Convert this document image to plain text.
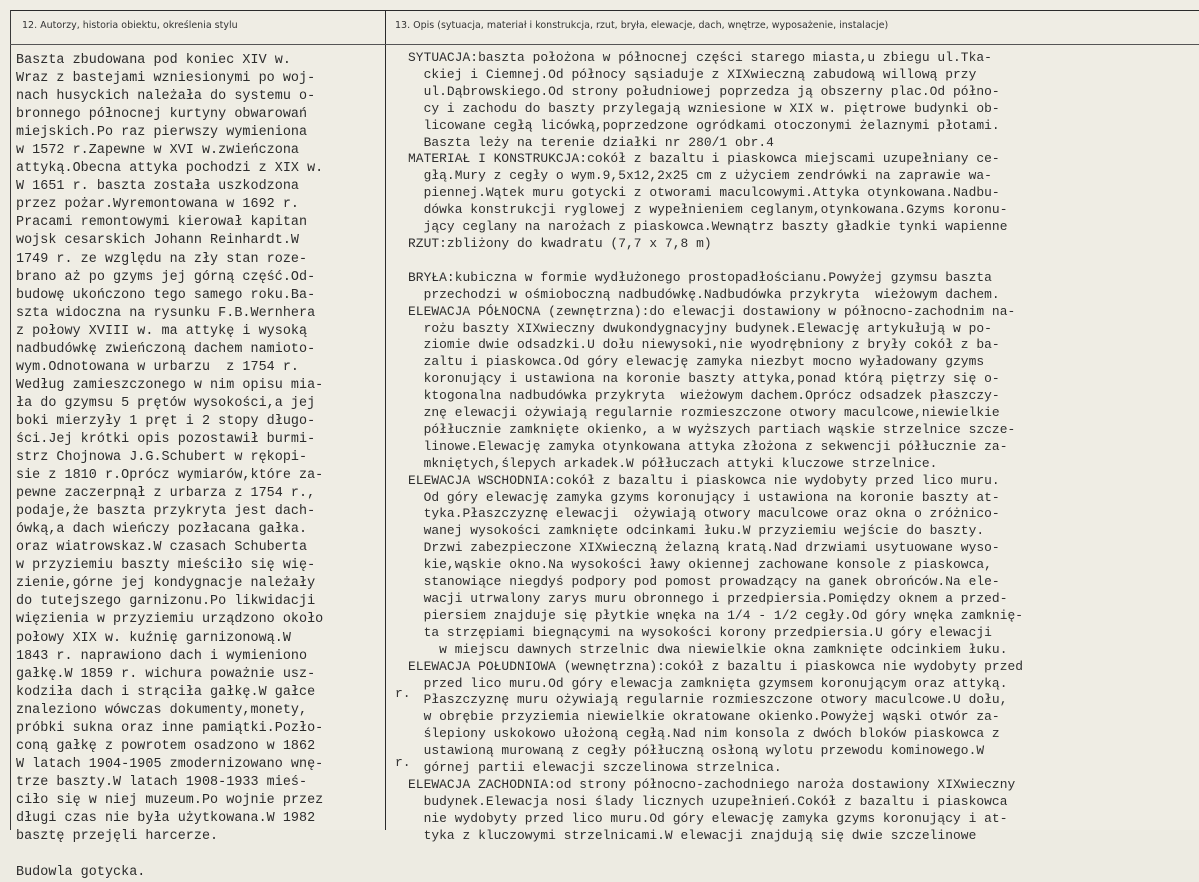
12. Autorzy, historia obiektu, określenia stylu	13. Opis (sytuacja, materiał i konstrukcja, rzut, bryła, elewacje, dach, wnętrze, wyposażenie, instalacje)
Baszta zbudowana pod koniec XIV w.
Wraz z bastejami wzniesionymi po woj-
nach husyckich należała do systemu o-
bronnego północnej kurtyny obwarowań
miejskich.Po raz pierwszy wymieniona
w 1572 r.Zapewne w XVI w.zwieńczona
attyką.Obecna attyka pochodzi z XIX w.
W 1651 r. baszta została uszkodzona
przez pożar.Wyremontowana w 1692 r.
Pracami remontowymi kierował kapitan
wojsk cesarskich Johann Reinhardt.W
1749 r. ze względu na zły stan roze-
brano aż po gzyms jej górną część.Od-
budowę ukończono tego samego roku.Ba-
szta widoczna na rysunku F.B.Wernhera
z połowy XVIII w. ma attykę i wysoką
nadbudówkę zwieńczoną dachem namioto-
wym.Odnotowana w urbarzu  z 1754 r.
Według zamieszczonego w nim opisu mia-
ła do gzymsu 5 prętów wysokości,a jej
boki mierzyły 1 pręt i 2 stopy długo-
ści.Jej krótki opis pozostawił burmi-
strz Chojnowa J.G.Schubert w rękopi-
sie z 1810 r.Oprócz wymiarów,które za-
pewne zaczerpnął z urbarza z 1754 r.,
podaje,że baszta przykryta jest dach-
ówką,a dach wieńczy pozłacana gałka.
oraz wiatrowskaz.W czasach Schuberta
w przyziemiu baszty mieściło się wię-
zienie,górne jej kondygnacje należały
do tutejszego garnizonu.Po likwidacji
więzienia w przyziemiu urządzono około
połowy XIX w. kuźnię garnizonową.W
1843 r. naprawiono dach i wymieniono
gałkę.W 1859 r. wichura poważnie usz-
kodziła dach i strąciła gałkę.W gałce
znaleziono wówczas dokumenty,monety,
próbki sukna oraz inne pamiątki.Pozło-
coną gałkę z powrotem osadzono w 1862
W latach 1904-1905 zmodernizowano wnę-
trze baszty.W latach 1908-1933 mieś-
ciło się w niej muzeum.Po wojnie przez
długi czas nie była użytkowana.W 1982
basztę przejęli harcerze.

Budowla gotycka.
r.
r.
SYTUACJA:baszta położona w północnej części starego miasta,u zbiegu ul.Tka-
ckiej i Ciemnej.Od północy sąsiaduje z XIXwieczną zabudową willową przy
ul.Dąbrowskiego.Od strony południowej poprzedza ją obszerny plac.Od półno-
cy i zachodu do baszty przylegają wzniesione w XIX w. piętrowe budynki ob-
licowane cegłą licówką,poprzedzone ogródkami otoczonymi żelaznymi płotami.
Baszta leży na terenie działki nr 280/1 obr.4
MATERIAŁ I KONSTRUKCJA:cokół z bazaltu i piaskowca miejscami uzupełniany ce-
głą.Mury z cegły o wym.9,5x12,2x25 cm z użyciem zendrówki na zaprawie wa-
piennej.Wątek muru gotycki z otworami maculcowymi.Attyka otynkowana.Nadbu-
dówka konstrukcji ryglowej z wypełnieniem ceglanym,otynkowana.Gzyms koronu-
jący ceglany na narożach z piaskowca.Wewnątrz baszty gładkie tynki wapienne
RZUT:zbliżony do kwadratu (7,7 x 7,8 m)

BRYŁA:kubiczna w formie wydłużonego prostopadłościanu.Powyżej gzymsu baszta
przechodzi w ośmioboczną nadbudówkę.Nadbudówka przykryta  wieżowym dachem.
ELEWACJA PÓŁNOCNA (zewnętrzna):do elewacji dostawiony w północno-zachodnim na-
rożu baszty XIXwieczny dwukondygnacyjny budynek.Elewację artykułują w po-
ziomie dwie odsadzki.U dołu niewysoki,nie wyodrębniony z bryły cokół z ba-
zaltu i piaskowca.Od góry elewację zamyka niezbyt mocno wyładowany gzyms
koronujący i ustawiona na koronie baszty attyka,ponad którą piętrzy się o-
ktogonalna nadbudówka przykryta  wieżowym dachem.Oprócz odsadzek płaszczy-
znę elewacji ożywiają regularnie rozmieszczone otwory maculcowe,niewielkie
półłucznie zamknięte okienko, a w wyższych partiach wąskie strzelnice szcze-
linowe.Elewację zamyka otynkowana attyka złożona z sekwencji półłucznie za-
mkniętych,ślepych arkadek.W półłuczach attyki kluczowe strzelnice.
ELEWACJA WSCHODNIA:cokół z bazaltu i piaskowca nie wydobyty przed lico muru.
Od góry elewację zamyka gzyms koronujący i ustawiona na koronie baszty at-
tyka.Płaszczyznę elewacji  ożywiają otwory maculcowe oraz okna o zróżnico-
wanej wysokości zamknięte odcinkami łuku.W przyziemiu wejście do baszty.
Drzwi zabezpieczone XIXwieczną żelazną kratą.Nad drzwiami usytuowane wyso-
kie,wąskie okno.Na wysokości ławy okiennej zachowane konsole z piaskowca,
stanowiące niegdyś podpory pod pomost prowadzący na ganek obrońców.Na ele-
wacji utrwalony zarys muru obronnego i przedpiersia.Pomiędzy oknem a przed-
piersiem znajduje się płytkie wnęka na 1/4 - 1/2 cegły.Od góry wnęka zamknię-
ta strzępiami biegnącymi na wysokości korony przedpiersia.U góry elewacji
w miejscu dawnych strzelnic dwa niewielkie okna zamknięte odcinkiem łuku.
ELEWACJA POŁUDNIOWA (wewnętrzna):cokół z bazaltu i piaskowca nie wydobyty przed
przed lico muru.Od góry elewacja zamknięta gzymsem koronującym oraz attyką.
Płaszczyznę muru ożywiają regularnie rozmieszczone otwory maculcowe.U dołu,
w obrębie przyziemia niewielkie okratowane okienko.Powyżej wąski otwór za-
ślepiony uskokowo ułożoną cegłą.Nad nim konsola z dwóch bloków piaskowca z
ustawioną murowaną z cegły półłuczną osłoną wylotu przewodu kominowego.W
górnej partii elewacji szczelinowa strzelnica.
ELEWACJA ZACHODNIA:od strony północno-zachodniego naroża dostawiony XIXwieczny
budynek.Elewacja nosi ślady licznych uzupełnień.Cokół z bazaltu i piaskowca
nie wydobyty przed lico muru.Od góry elewację zamyka gzyms koronujący i at-
tyka z kluczowymi strzelnicami.W elewacji znajdują się dwie szczelinowe
